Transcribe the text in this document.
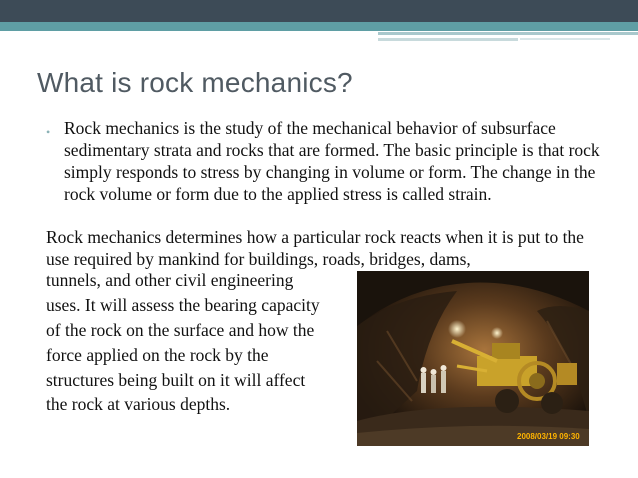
What is rock mechanics?
• Rock mechanics is the study of the mechanical behavior of subsurface sedimentary strata and rocks that are formed. The basic principle is that rock simply responds to stress by changing in volume or form. The change in the rock volume or form due to the applied stress is called strain.

Rock mechanics determines how a particular rock reacts when it is put to the use required by mankind for buildings, roads, bridges, dams,

tunnels, and other civil engineering

uses. It will assess the bearing capacity

of the rock on the surface and how the

force applied on the rock by the

structures being built on it will affect

the rock at various depths.

2008/03/19 09:30
